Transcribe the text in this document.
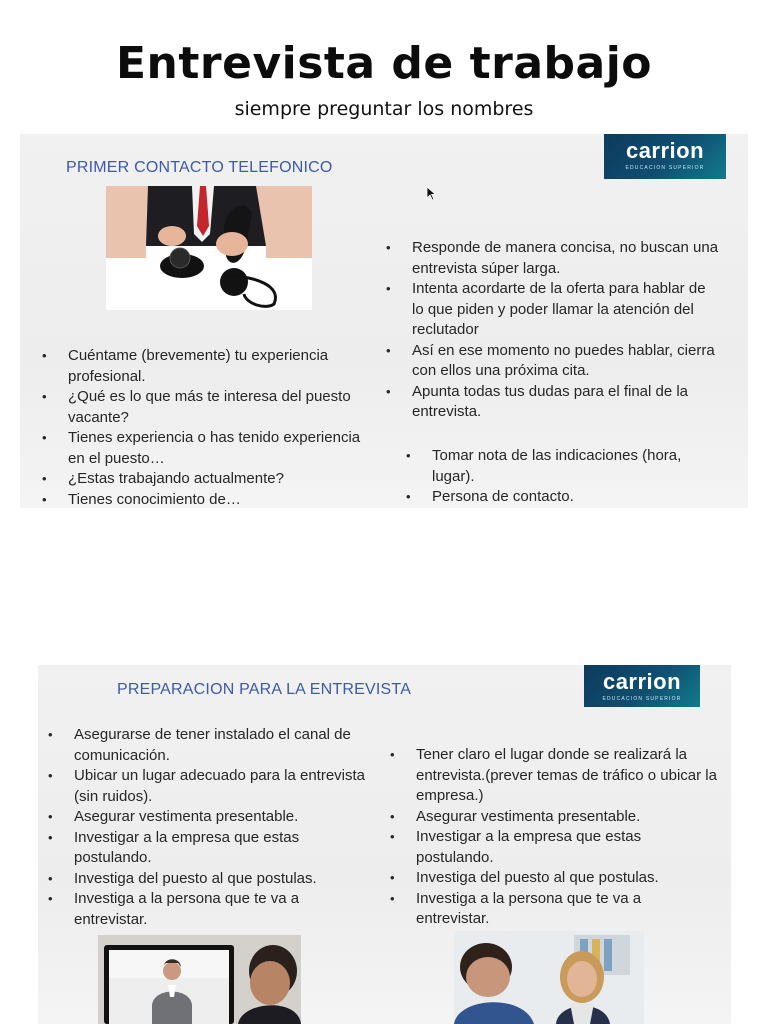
Entrevista de trabajo
siempre preguntar los nombres
PRIMER CONTACTO TELEFONICO
carrion
EDUCACION SUPERIOR
• Cuéntame (brevemente) tu experiencia profesional.
• ¿Qué es lo que más te interesa del puesto vacante?
• Tienes experiencia o has tenido experiencia en el puesto…
• ¿Estas trabajando actualmente?
• Tienes conocimiento de…
• Responde de manera concisa, no buscan una entrevista súper larga.
• Intenta acordarte de la oferta para hablar de lo que piden y poder llamar la atención del reclutador
• Así en ese momento no puedes hablar, cierra con ellos una próxima cita.
• Apunta todas tus dudas para el final de la entrevista.
• Tomar nota de las indicaciones (hora, lugar).
• Persona de contacto.
PREPARACION PARA LA ENTREVISTA	carrion
EDUCACION SUPERIOR
• Asegurarse de tener instalado el canal de comunicación.
• Ubicar un lugar adecuado para la entrevista (sin ruidos).
• Asegurar vestimenta presentable.
• Investigar a la empresa que estas postulando.
• Investiga del puesto al que postulas.
• Investiga a la persona que te va a entrevistar.
• Tener claro el lugar donde se realizará la entrevista.(prever temas de tráfico o ubicar la empresa.)
• Asegurar vestimenta presentable.
• Investigar a la empresa que estas postulando.
• Investiga del puesto al que postulas.
• Investiga a la persona que te va a entrevistar.
